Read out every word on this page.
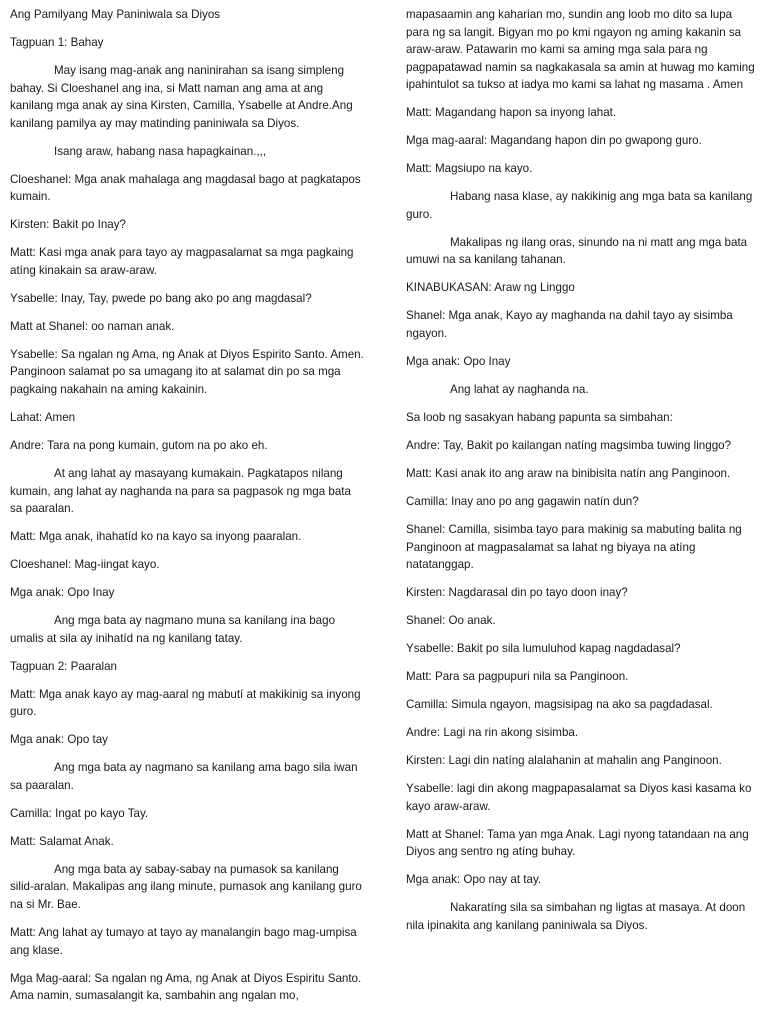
Ang Pamilyang May Paniniwala sa Diyos

Tagpuan 1: Bahay

May isang mag-anak ang naninirahan sa isang simpleng bahay. Si Cloeshanel ang ina, si Matt naman ang ama at ang kanilang mga anak ay sina Kirsten, Camilla, Ysabelle at Andre.Ang kanilang pamilya ay may matinding paniniwala sa Diyos.

Isang araw, habang nasa hapagkainan.,,,

Cloeshanel: Mga anak mahalaga ang magdasal bago at pagkatapos kumain.

Kirsten: Bakit po Inay?

Matt: Kasi mga anak para tayo ay magpasalamat sa mga pagkaing atíng kinakain sa araw-araw.

Ysabelle: Inay, Tay, pwede po bang ako po ang magdasal?

Matt at Shanel: oo naman anak.

Ysabelle: Sa ngalan ng Ama, ng Anak at Diyos Espirito Santo. Amen. Panginoon salamat po sa umagang ito at salamat din po sa mga pagkaing nakahain na aming kakainin.

Lahat: Amen

Andre: Tara na pong kumain, gutom na po ako eh.

At ang lahat ay masayang kumakain. Pagkatapos nilang kumain, ang lahat ay naghanda na para sa pagpasok ng mga bata sa paaralan.

Matt: Mga anak, ihahatíd ko na kayo sa inyong paaralan.

Cloeshanel: Mag-iingat kayo.

Mga anak: Opo Inay

Ang mga bata ay nagmano muna sa kanilang ina bago umalis at sila ay inihatíd na ng kanilang tatay.

Tagpuan 2: Paaralan

Matt: Mga anak kayo ay mag-aaral ng mabutí at makikinig sa inyong guro.

Mga anak: Opo tay

Ang mga bata ay nagmano sa kanilang ama bago sila iwan sa paaralan.

Camilla: Ingat po kayo Tay.

Matt: Salamat Anak.

Ang mga bata ay sabay-sabay na pumasok sa kanilang silid-aralan. Makalipas ang ilang minute, pumasok ang kanilang guro na si Mr. Bae.

Matt: Ang lahat ay tumayo at tayo ay manalangin bago mag-umpisa ang klase.

Mga Mag-aaral: Sa ngalan ng Ama, ng Anak at Diyos Espiritu Santo. Ama namin, sumasalangit ka, sambahin ang ngalan mo,

mapasaamin ang kaharian mo, sundin ang loob mo dito sa lupa para ng sa langit. Bigyan mo po kmi ngayon ng aming kakanin sa araw-araw. Patawarin mo kami sa aming mga sala para ng pagpapatawad namin sa nagkakasala sa amin at huwag mo kaming ipahintulot sa tukso at iadya mo kami sa lahat ng masama . Amen

Matt: Magandang hapon sa inyong lahat.

Mga mag-aaral: Magandang hapon din po gwapong guro.

Matt: Magsiupo na kayo.

Habang nasa klase, ay nakikinig ang mga bata sa kanilang guro.

Makalipas ng ilang oras, sinundo na ni matt ang mga bata umuwi na sa kanilang tahanan.

KINABUKASAN: Araw ng Linggo

Shanel: Mga anak, Kayo ay maghanda na dahil tayo ay sisimba ngayon.

Mga anak: Opo Inay

Ang lahat ay naghanda na.

Sa loob ng sasakyan habang papunta sa simbahan:

Andre: Tay, Bakit po kailangan natíng magsimba tuwing linggo?

Matt: Kasi anak ito ang araw na binibisita natín ang Panginoon.

Camilla: Inay ano po ang gagawin natín dun?

Shanel: Camilla, sisimba tayo para makinig sa mabutíng balita ng Panginoon at magpasalamat sa lahat ng biyaya na atíng natatanggap.

Kirsten: Nagdarasal din po tayo doon inay?

Shanel: Oo anak.

Ysabelle: Bakit po sila lumuluhod kapag nagdadasal?

Matt: Para sa pagpupuri nila sa Panginoon.

Camilla: Simula ngayon, magsisipag na ako sa pagdadasal.

Andre: Lagi na rin akong sisimba.

Kirsten: Lagi din natíng alalahanin at mahalin ang Panginoon.

Ysabelle: lagi din akong magpapasalamat sa Diyos kasi kasama ko kayo araw-araw.

Matt at Shanel: Tama yan mga Anak. Lagi nyong tatandaan na ang Diyos ang sentro ng atíng buhay.

Mga anak: Opo nay at tay.

Nakaratíng sila sa simbahan ng ligtas at masaya. At doon nila ipinakita ang kanilang paniniwala sa Diyos.
